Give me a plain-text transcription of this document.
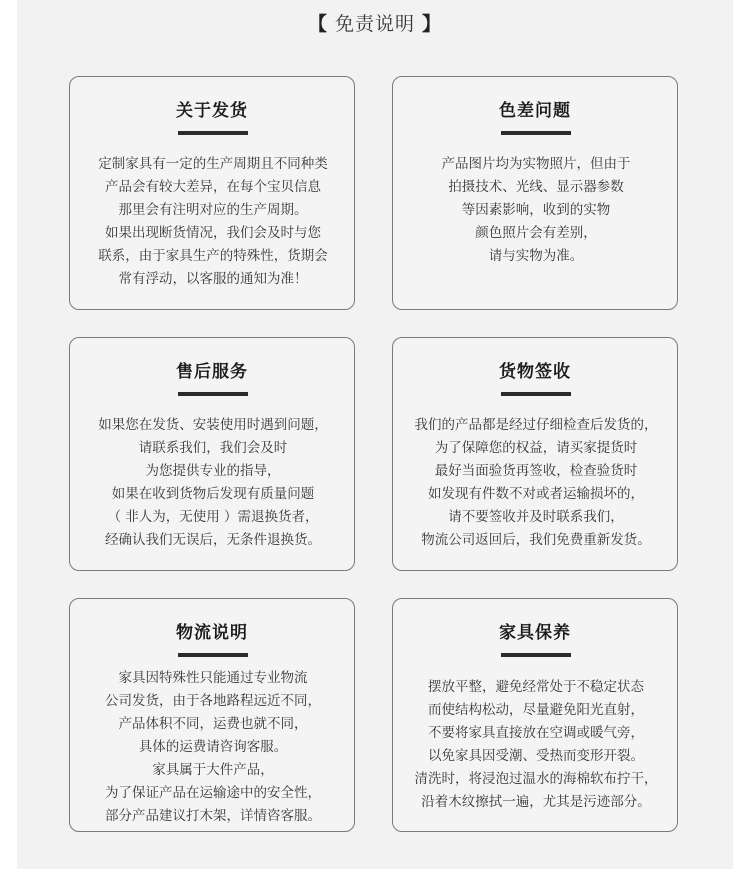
【 免责说明 】
关于发货
定制家具有一定的生产周期且不同种类
产品会有较大差异，在每个宝贝信息
那里会有注明对应的生产周期。
如果出现断货情况，我们会及时与您
联系，由于家具生产的特殊性，货期会
常有浮动，以客服的通知为准！
色差问题
产品图片均为实物照片，但由于
拍摄技术、光线、显示器参数
等因素影响，收到的实物
颜色照片会有差别，
请与实物为准。
售后服务
如果您在发货、安装使用时遇到问题，
请联系我们，我们会及时
为您提供专业的指导，
如果在收到货物后发现有质量问题
（ 非人为，无使用 ）需退换货者，
经确认我们无误后，无条件退换货。
货物签收
我们的产品都是经过仔细检查后发货的，
为了保障您的权益，请买家提货时
最好当面验货再签收，检查验货时
如发现有件数不对或者运输损坏的，
请不要签收并及时联系我们，
物流公司返回后，我们免费重新发货。
物流说明
家具因特殊性只能通过专业物流
公司发货，由于各地路程远近不同，
产品体积不同，运费也就不同，
具体的运费请咨询客服。
家具属于大件产品，
为了保证产品在运输途中的安全性，
部分产品建议打木架，详情咨客服。
家具保养
摆放平整，避免经常处于不稳定状态
而使结构松动，尽量避免阳光直射，
不要将家具直接放在空调或暖气旁，
以免家具因受潮、受热而变形开裂。
清洗时，将浸泡过温水的海棉软布拧干，
沿着木纹擦拭一遍，尤其是污迹部分。
